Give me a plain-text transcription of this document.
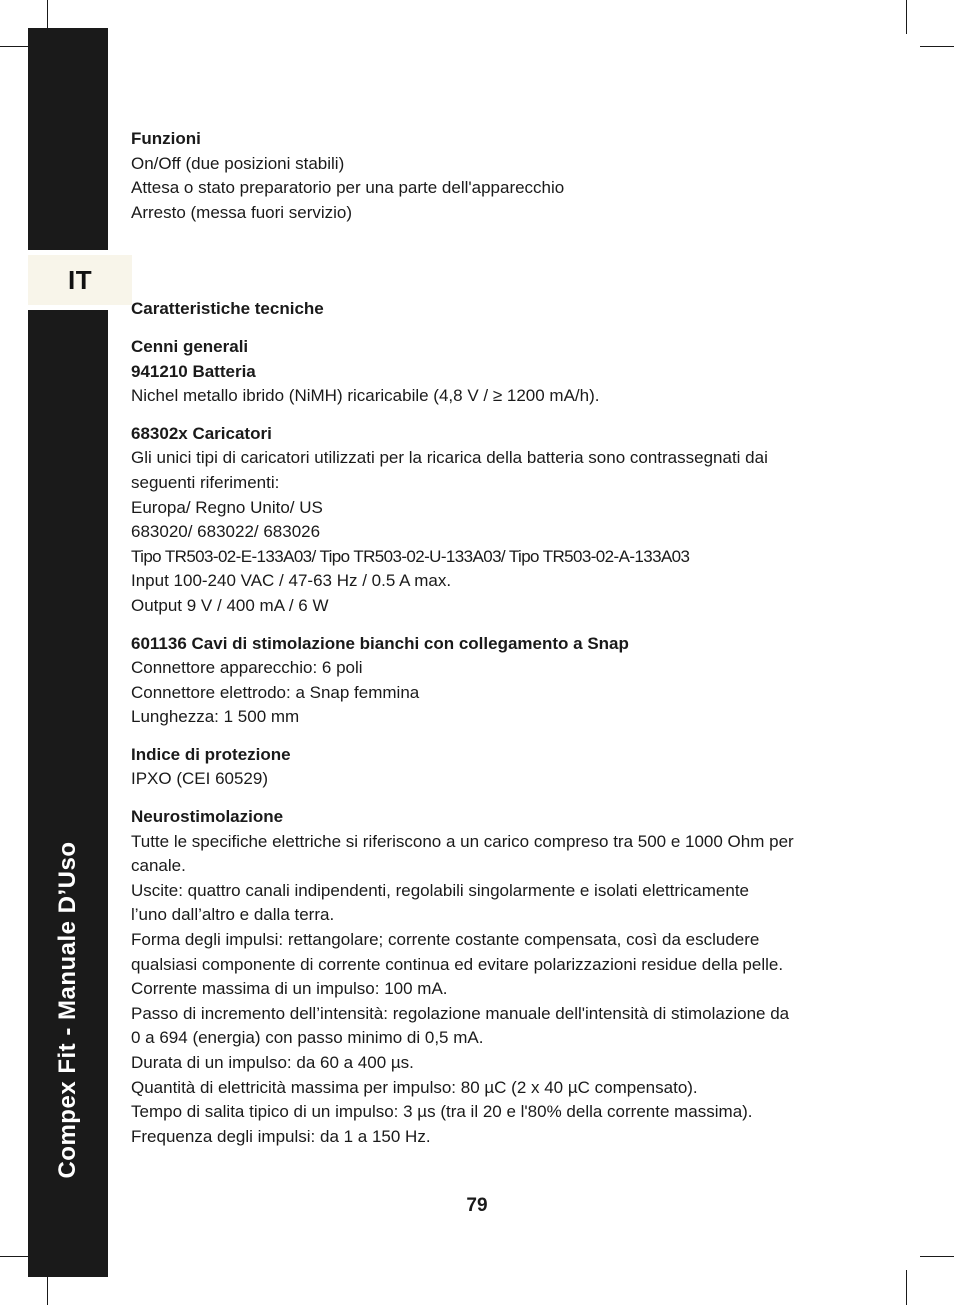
IT
Compex Fit - Manuale D’Uso

Funzioni

On/Off (due posizioni stabili)

Attesa o stato preparatorio per una parte dell'apparecchio

Arresto (messa fuori servizio)

Caratteristiche tecniche

Cenni generali

941210 Batteria

Nichel metallo ibrido (NiMH) ricaricabile (4,8 V / ≥ 1200 mA/h).

68302x Caricatori

Gli unici tipi di caricatori utilizzati per la ricarica della batteria sono contrassegnati dai

seguenti riferimenti:

Europa/ Regno Unito/ US

683020/ 683022/ 683026

Tipo TR503-02-E-133A03/ Tipo TR503-02-U-133A03/ Tipo TR503-02-A-133A03

Input 100-240 VAC / 47-63 Hz / 0.5 A max.

Output 9 V / 400 mA / 6 W

601136 Cavi di stimolazione bianchi con collegamento a Snap

Connettore apparecchio: 6 poli

Connettore elettrodo: a Snap femmina

Lunghezza: 1 500 mm

Indice di protezione

IPXO (CEI 60529)

Neurostimolazione

Tutte le specifiche elettriche si riferiscono a un carico compreso tra 500 e 1000 Ohm per

canale.

Uscite: quattro canali indipendenti, regolabili singolarmente e isolati elettricamente

l’uno dall’altro e dalla terra.

Forma degli impulsi: rettangolare; corrente costante compensata, così da escludere

qualsiasi componente di corrente continua ed evitare polarizzazioni residue della pelle.

Corrente massima di un impulso: 100 mA.

Passo di incremento dell’intensità: regolazione manuale dell'intensità di stimolazione da

0 a 694 (energia) con passo minimo di 0,5 mA.

Durata di un impulso: da 60 a 400 µs.

Quantità di elettricità massima per impulso: 80 µC (2 x 40 µC compensato).

Tempo di salita tipico di un impulso: 3 µs (tra il 20 e l'80% della corrente massima).

Frequenza degli impulsi: da 1 a 150 Hz.

79
